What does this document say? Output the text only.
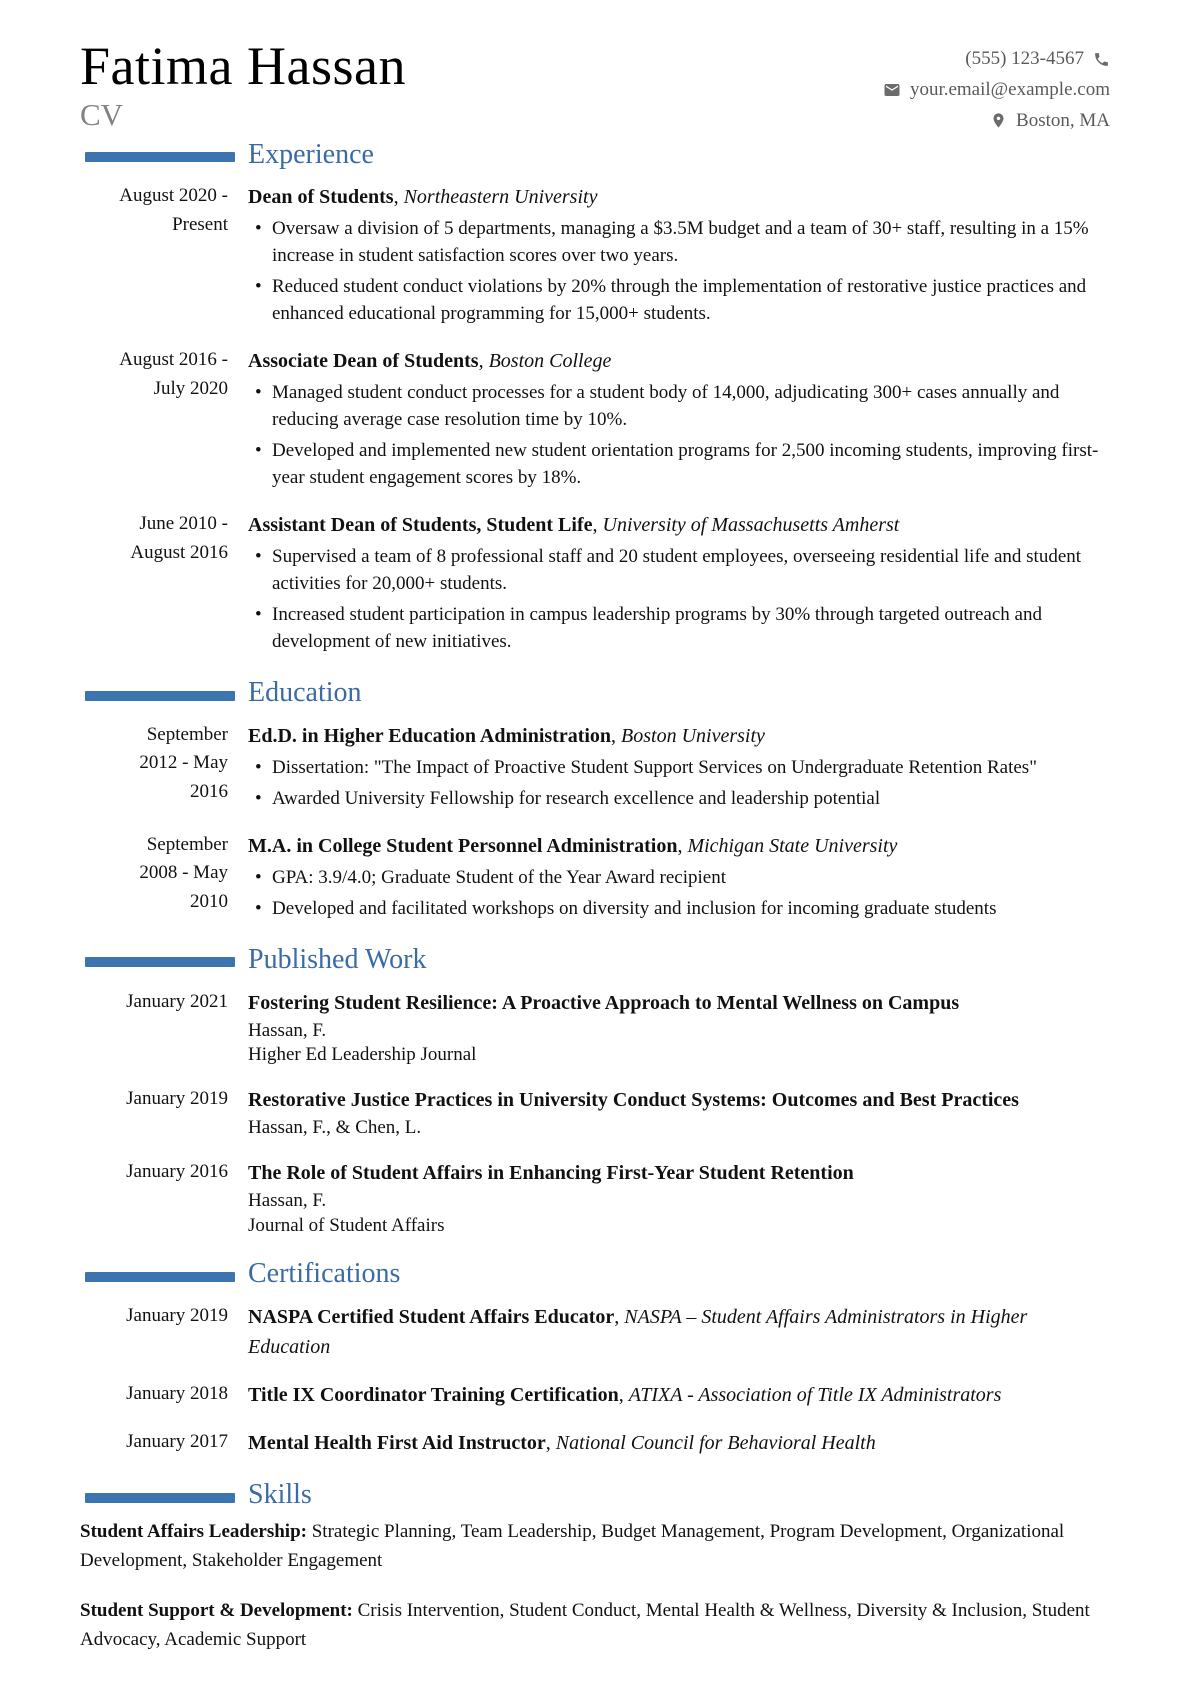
Fatima Hassan
CV
(555) 123-4567
your.email@example.com
Boston, MA
Experience
August 2020 - Present
Dean of Students , Northeastern University
• Oversaw a division of 5 departments, managing a $3.5M budget and a team of 30+ staff, resulting in a 15% increase in student satisfaction scores over two years.
• Reduced student conduct violations by 20% through the implementation of restorative justice practices and enhanced educational programming for 15,000+ students.
August 2016 - July 2020
Associate Dean of Students , Boston College
• Managed student conduct processes for a student body of 14,000, adjudicating 300+ cases annually and reducing average case resolution time by 10%.
• Developed and implemented new student orientation programs for 2,500 incoming students, improving first-year student engagement scores by 18%.
June 2010 - August 2016
Assistant Dean of Students, Student Life , University of Massachusetts Amherst
• Supervised a team of 8 professional staff and 20 student employees, overseeing residential life and student activities for 20,000+ students.
• Increased student participation in campus leadership programs by 30% through targeted outreach and development of new initiatives.
Education
September 2012 - May 2016
Ed.D. in Higher Education Administration , Boston University
• Dissertation: "The Impact of Proactive Student Support Services on Undergraduate Retention Rates"
• Awarded University Fellowship for research excellence and leadership potential
September 2008 - May 2010
M.A. in College Student Personnel Administration , Michigan State University
• GPA: 3.9/4.0; Graduate Student of the Year Award recipient
• Developed and facilitated workshops on diversity and inclusion for incoming graduate students
Published Work
January 2021 Fostering Student Resilience: A Proactive Approach to Mental Wellness on Campus
Hassan, F.
Higher Ed Leadership Journal
January 2019 Restorative Justice Practices in University Conduct Systems: Outcomes and Best Practices
Hassan, F., & Chen, L.
January 2016 The Role of Student Affairs in Enhancing First-Year Student Retention
Hassan, F.
Journal of Student Affairs
Certifications
January 2019 NASPA Certified Student Affairs Educator , NASPA – Student Affairs Administrators in Higher Education
January 2018 Title IX Coordinator Training Certification , ATIXA - Association of Title IX Administrators
January 2017 Mental Health First Aid Instructor , National Council for Behavioral Health
Skills
Student Affairs Leadership: Strategic Planning, Team Leadership, Budget Management, Program Development, Organizational Development, Stakeholder Engagement
Student Support & Development: Crisis Intervention, Student Conduct, Mental Health & Wellness, Diversity & Inclusion, Student Advocacy, Academic Support
